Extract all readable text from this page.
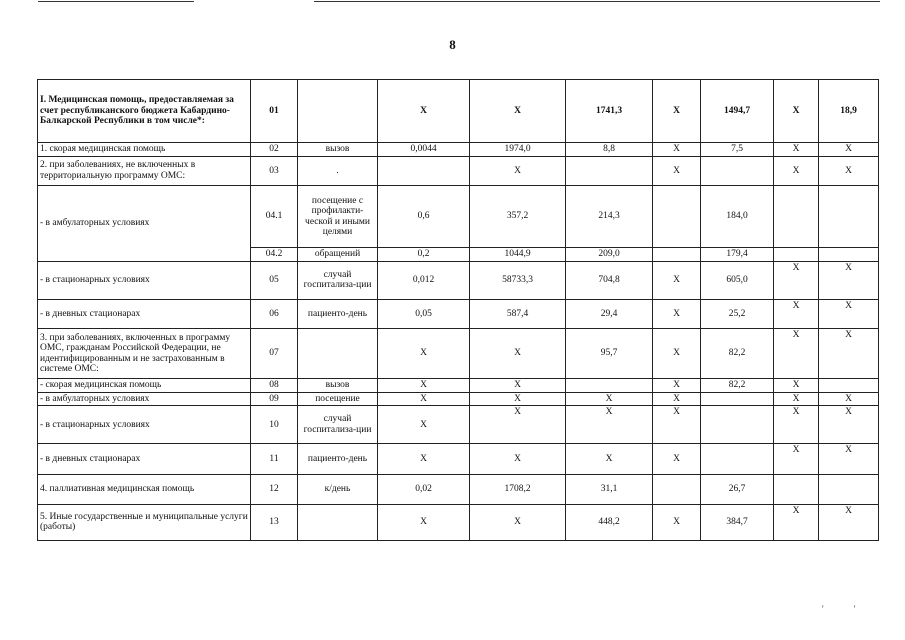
8
I. Медицинская помощь, предоставляемая за счет республиканского бюджета Кабардино-Балкарской Республики в том числе*:	01		X	X	1741,3	X	1494,7	X	18,9
1. скорая медицинская помощь	02	вызов	0,0044	1974,0	8,8	X	7,5	X	X
2. при заболеваниях, не включенных в территориальную программу ОМС:	03	.		X		X		X	X
- в амбулаторных условиях	04.1	посещение с профилакти-ческой и иными целями	0,6	357,2	214,3		184,0		
	04.2	обращений	0,2	1044,9	209,0		179,4		
- в стационарных условиях	05	случай госпитализа-ции	0,012	58733,3	704,8	X	605,0	X	X
- в дневных стационарах	06	пациенто-день	0,05	587,4	29,4	X	25,2	X	X
3. при заболеваниях, включенных в программу ОМС, гражданам Российской Федерации, не идентифицированным и не застрахованным в системе ОМС:	07		X	X	95,7	X	82,2	X	X
- скорая медицинская помощь	08	вызов	X	X		X	82,2	X	
- в амбулаторных условиях	09	посещение	X	X	X	X		X	X
- в стационарных условиях	10	случай госпитализа-ции	X	X	X	X		X	X
- в дневных стационарах	11	пациенто-день	X	X	X	X		X	X
4. паллиативная медицинская помощь	12	к/день	0,02	1708,2	31,1		26,7		
5. Иные государственные и муниципальные услуги (работы)	13		X	X	448,2	X	384,7	X	X
' '
